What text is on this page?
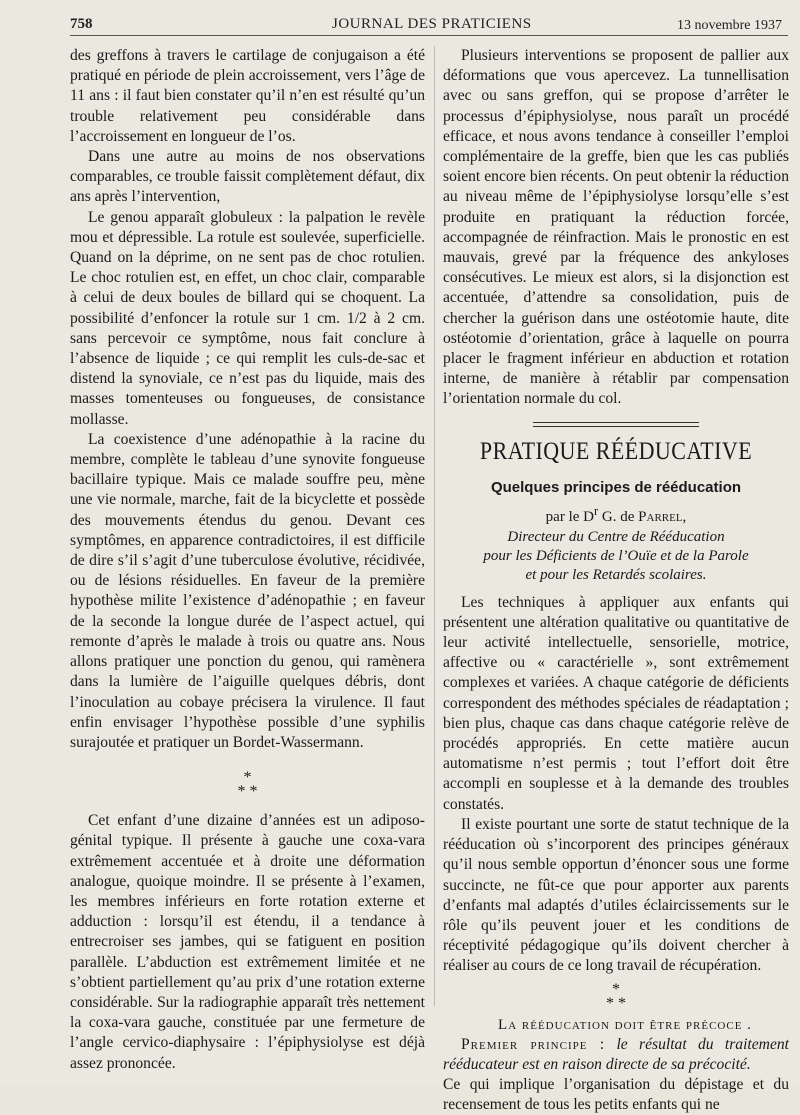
758	JOURNAL DES PRATICIENS	13 novembre 1937

des greffons à travers le cartilage de conjugaison a été pratiqué en période de plein accroissement, vers l’âge de 11 ans : il faut bien constater qu’il n’en est résulté qu’un trouble relativement peu considérable dans l’accroissement en longueur de l’os.

Dans une autre au moins de nos observations comparables, ce trouble faissit complètement défaut, dix ans après l’intervention,

Le genou apparaît globuleux : la palpation le revèle mou et dépressible. La rotule est soulevée, superficielle. Quand on la déprime, on ne sent pas de choc rotulien. Le choc rotulien est, en effet, un choc clair, comparable à celui de deux boules de billard qui se choquent. La possibilité d’enfoncer la rotule sur 1 cm. 1/2 à 2 cm. sans percevoir ce symptôme, nous fait conclure à l’absence de liquide ; ce qui remplit les culs-de-sac et distend la synoviale, ce n’est pas du liquide, mais des masses tomenteuses ou fongueuses, de consistance mollasse.

La coexistence d’une adénopathie à la racine du membre, complète le tableau d’une synovite fongueuse bacillaire typique. Mais ce malade souffre peu, mène une vie normale, marche, fait de la bicyclette et possède des mouvements étendus du genou. Devant ces symptômes, en apparence contradictoires, il est difficile de dire s’il s’agit d’une tuberculose évolutive, récidivée, ou de lésions résiduelles. En faveur de la première hypothèse milite l’existence d’adénopathie ; en faveur de la seconde la longue durée de l’aspect actuel, qui remonte d’après le malade à trois ou quatre ans. Nous allons pratiquer une ponction du genou, qui ramènera dans la lumière de l’aiguille quelques débris, dont l’inoculation au cobaye précisera la virulence. Il faut enfin envisager l’hypothèse possible d’une syphilis surajoutée et pratiquer un Bordet-Wassermann.

*
* *

Cet enfant d’une dizaine d’années est un adiposo-génital typique. Il présente à gauche une coxa-vara extrêmement accentuée et à droite une déformation analogue, quoique moindre. Il se présente à l’examen, les membres inférieurs en forte rotation externe et adduction : lorsqu’il est étendu, il a tendance à entrecroiser ses jambes, qui se fatiguent en position parallèle. L’abduction est extrêmement limitée et ne s’obtient partiellement qu’au prix d’une rotation externe considérable. Sur la radiographie apparaît très nettement la coxa-vara gauche, constituée par une fermeture de l’angle cervico-diaphysaire : l’épiphysiolyse est déjà assez prononcée.

Plusieurs interventions se proposent de pallier aux déformations que vous apercevez. La tunnellisation avec ou sans greffon, qui se propose d’arrêter le processus d’épiphysiolyse, nous paraît un procédé efficace, et nous avons tendance à conseiller l’emploi complémentaire de la greffe, bien que les cas publiés soient encore bien récents. On peut obtenir la réduction au niveau même de l’épiphysiolyse lorsqu’elle s’est produite en pratiquant la réduction forcée, accompagnée de réinfraction. Mais le pronostic en est mauvais, grevé par la fréquence des ankyloses consécutives. Le mieux est alors, si la disjonction est accentuée, d’attendre sa consolidation, puis de chercher la guérison dans une ostéotomie haute, dite ostéotomie d’orientation, grâce à laquelle on pourra placer le fragment inférieur en abduction et rotation interne, de manière à rétablir par compensation l’orientation normale du col.

PRATIQUE RÉÉDUCATIVE
Quelques principes de rééducation
par le $D^r$ G. de Parrel,
Directeur du Centre de Rééducation
pour les Déficients de l’Ouïe et de la Parole
et pour les Retardés scolaires.

Les techniques à appliquer aux enfants qui présentent une altération qualitative ou quantitative de leur activité intellectuelle, sensorielle, motrice, affective ou « caractérielle », sont extrêmement complexes et variées. A chaque catégorie de déficients correspondent des méthodes spéciales de réadaptation ; bien plus, chaque cas dans chaque catégorie relève de procédés appropriés. En cette matière aucun automatisme n’est permis ; tout l’effort doit être accompli en souplesse et à la demande des troubles constatés.

Il existe pourtant une sorte de statut technique de la rééducation où s’incorporent des principes généraux qu’il nous semble opportun d’énoncer sous une forme succincte, ne fût-ce que pour apporter aux parents d’enfants mal adaptés d’utiles éclaircissements sur le rôle qu’ils peuvent jouer et les conditions de réceptivité pédagogique qu’ils doivent chercher à réaliser au cours de ce long travail de récupération.

*
* *

La rééducation doit être précoce .

Premier principe : le résultat du traitement rééducateur est en raison directe de sa précocité.

Ce qui implique l’organisation du dépistage et du recensement de tous les petits enfants qui ne
